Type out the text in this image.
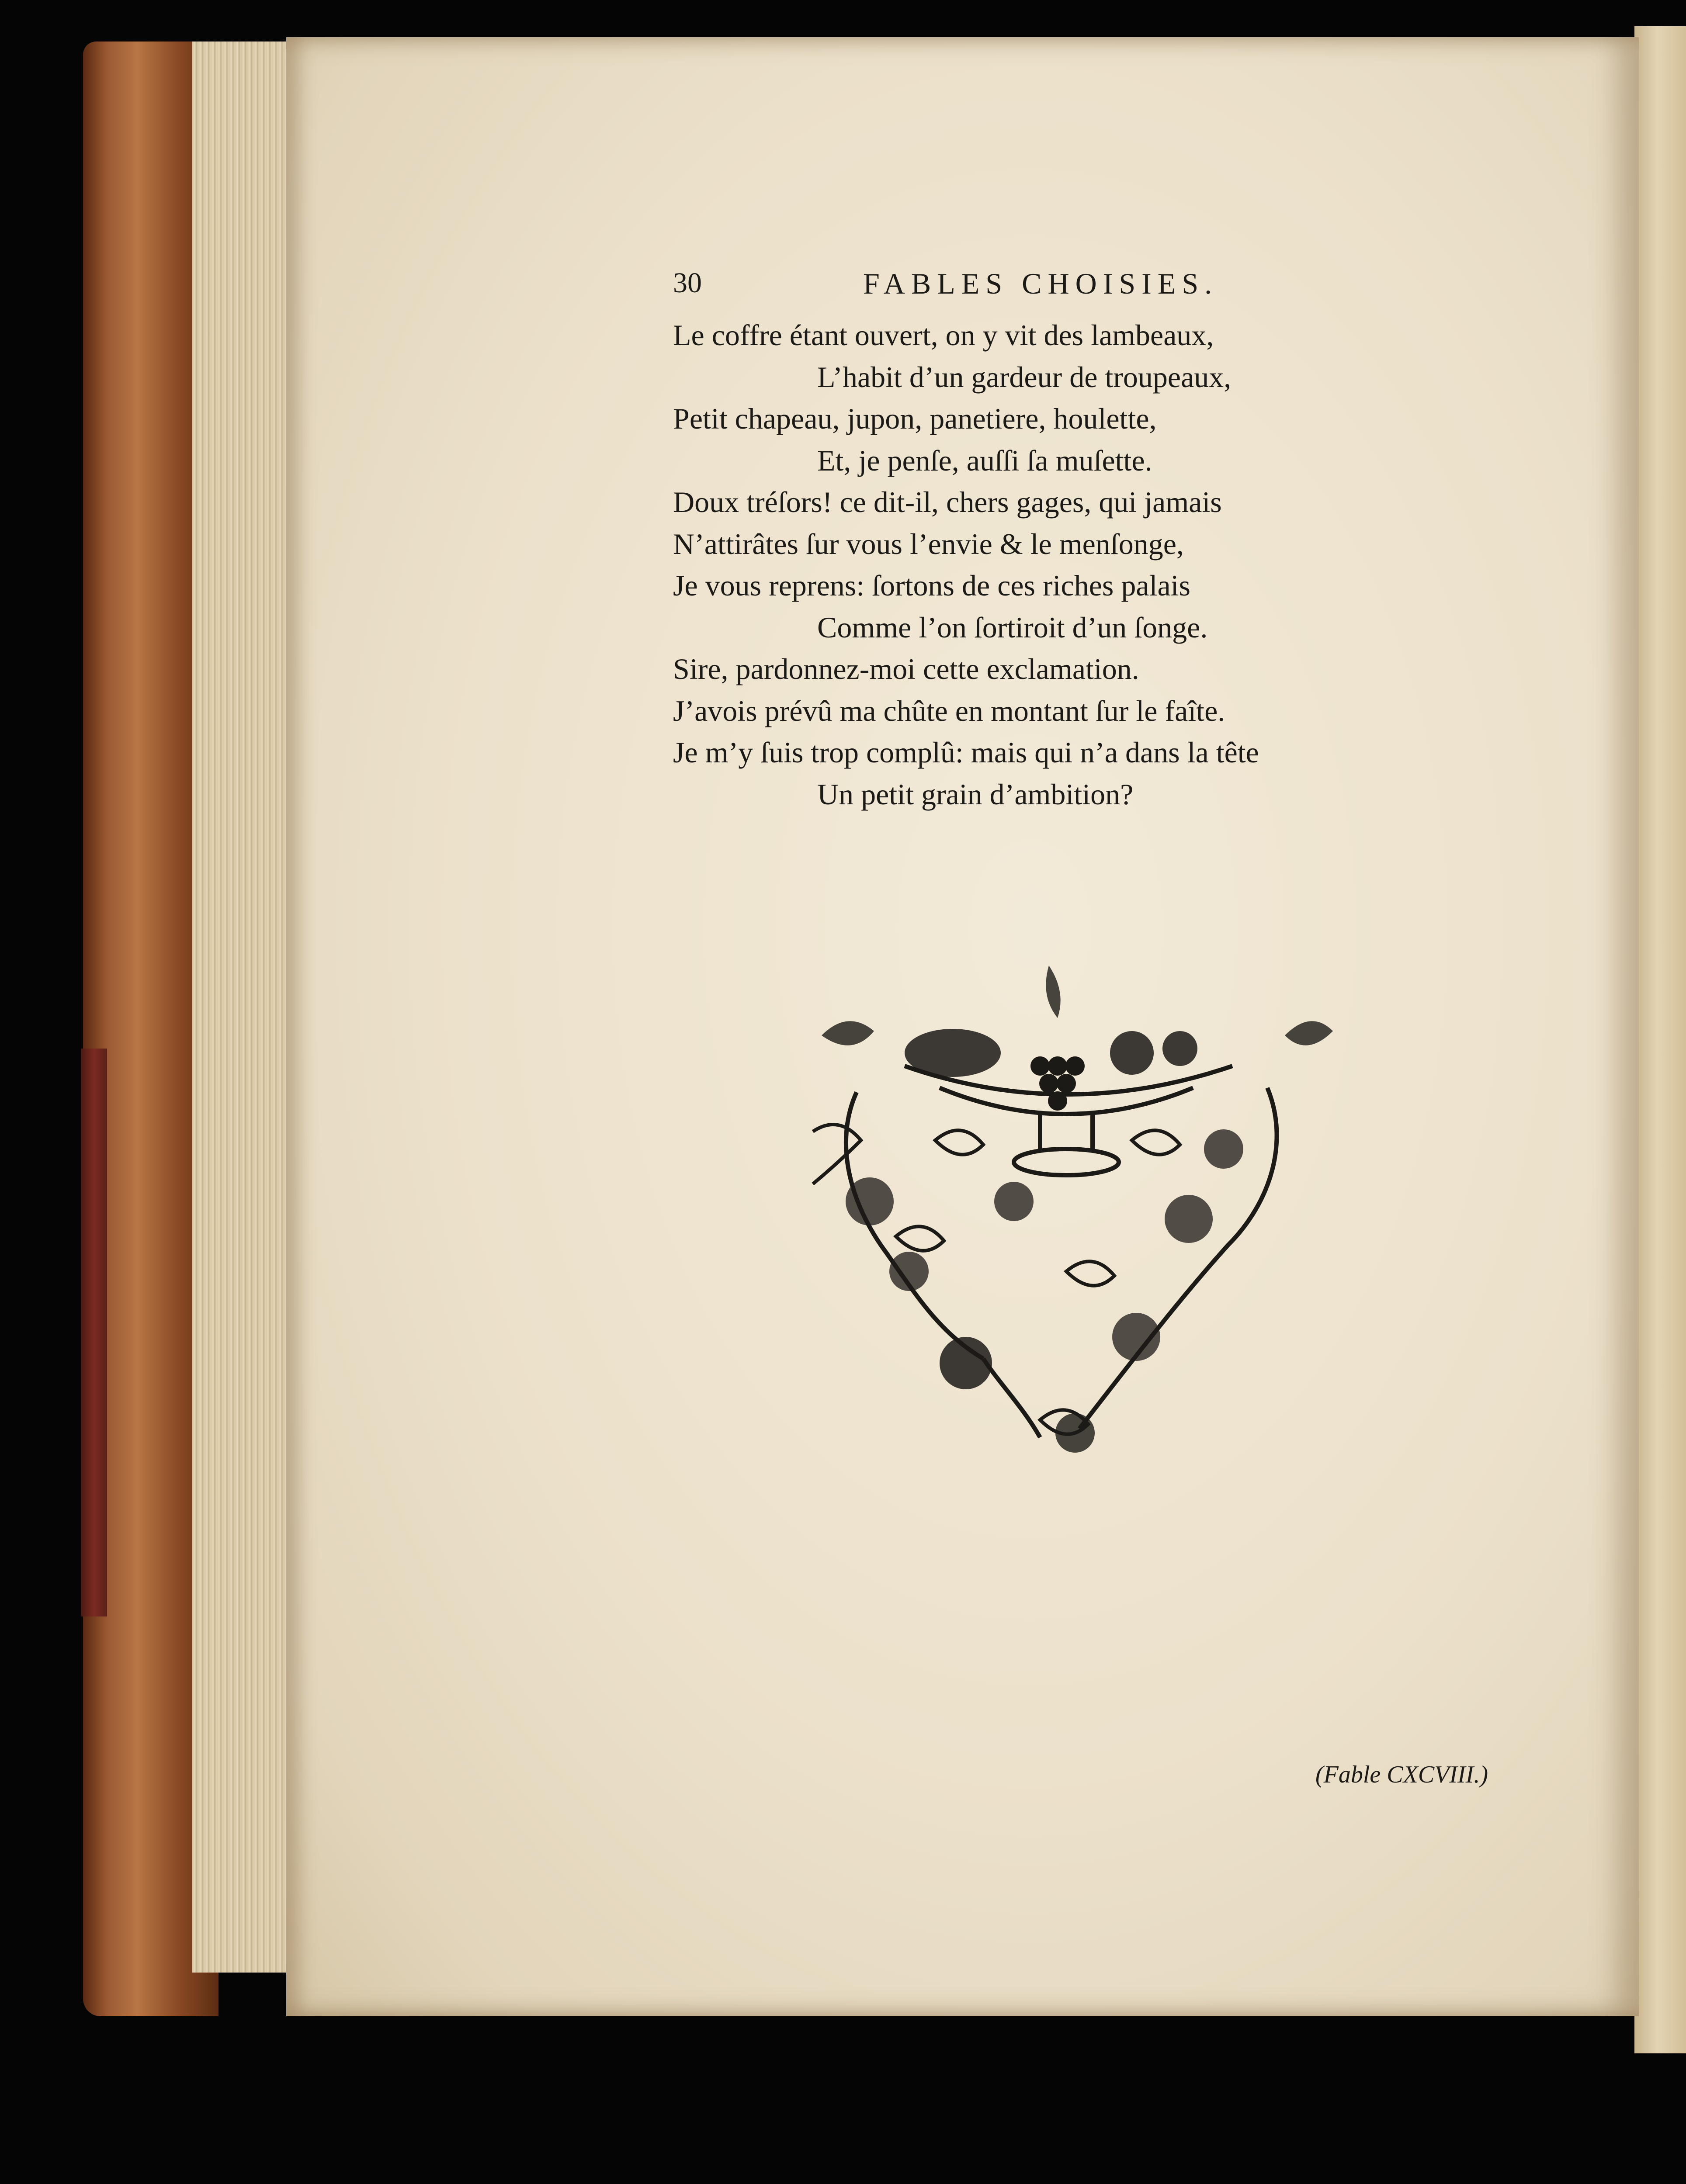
30	FABLES CHOISIES.
Le coffre étant ouvert, on y vit des lambeaux,
L’habit d’un gardeur de troupeaux,
Petit chapeau, jupon, panetiere, houlette,
Et, je penſe, auſſi ſa muſette.
Doux tréſors! ce dit-il, chers gages, qui jamais
N’attirâtes ſur vous l’envie & le menſonge,
Je vous reprens: ſortons de ces riches palais
Comme l’on ſortiroit d’un ſonge.
Sire, pardonnez-moi cette exclamation.
J’avois prévû ma chûte en montant ſur le faîte.
Je m’y ſuis trop complû: mais qui n’a dans la tête
Un petit grain d’ambition?
(Fable CXCVIII.)
